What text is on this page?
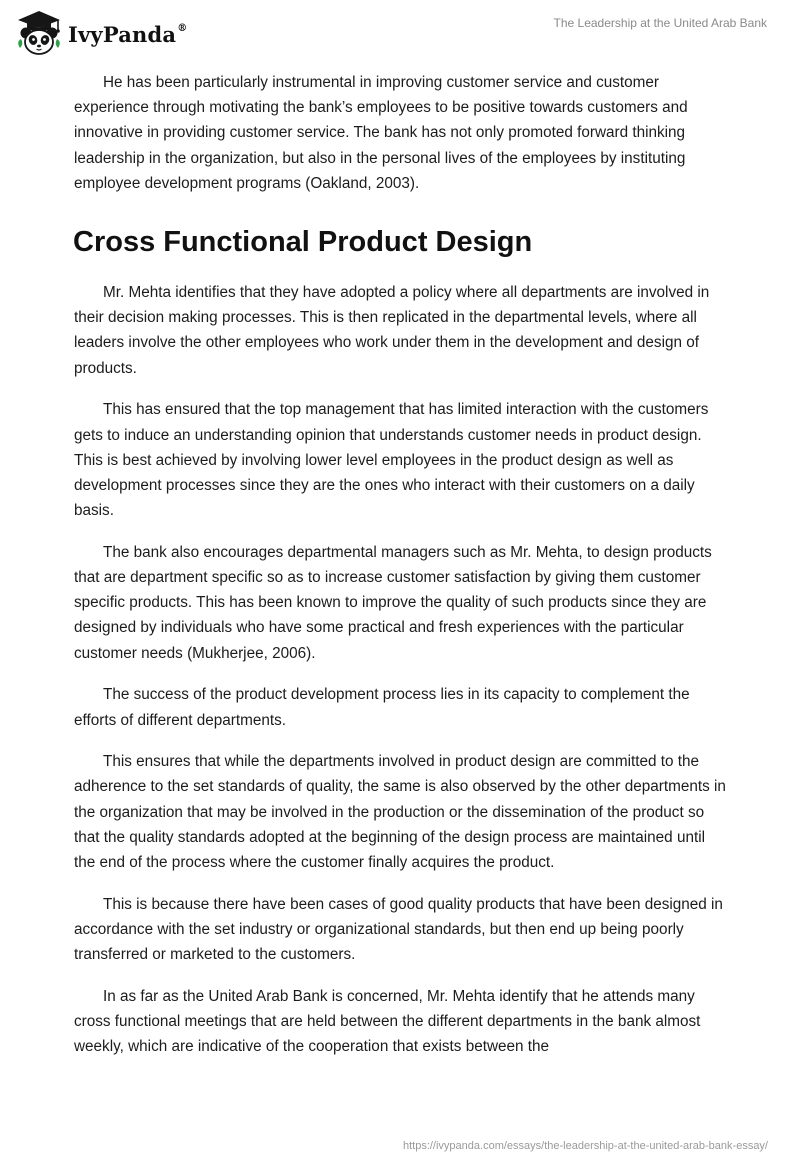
IvyPanda®	The Leadership at the United Arab Bank

He has been particularly instrumental in improving customer service and customer experience through motivating the bank’s employees to be positive towards customers and innovative in providing customer service. The bank has not only promoted forward thinking leadership in the organization, but also in the personal lives of the employees by instituting employee development programs (Oakland, 2003).

Cross Functional Product Design

Mr. Mehta identifies that they have adopted a policy where all departments are involved in their decision making processes. This is then replicated in the departmental levels, where all leaders involve the other employees who work under them in the development and design of products.

This has ensured that the top management that has limited interaction with the customers gets to induce an understanding opinion that understands customer needs in product design. This is best achieved by involving lower level employees in the product design as well as development processes since they are the ones who interact with their customers on a daily basis.

The bank also encourages departmental managers such as Mr. Mehta, to design products that are department specific so as to increase customer satisfaction by giving them customer specific products. This has been known to improve the quality of such products since they are designed by individuals who have some practical and fresh experiences with the particular customer needs (Mukherjee, 2006).

The success of the product development process lies in its capacity to complement the efforts of different departments.

This ensures that while the departments involved in product design are committed to the adherence to the set standards of quality, the same is also observed by the other departments in the organization that may be involved in the production or the dissemination of the product so that the quality standards adopted at the beginning of the design process are maintained until the end of the process where the customer finally acquires the product.

This is because there have been cases of good quality products that have been designed in accordance with the set industry or organizational standards, but then end up being poorly transferred or marketed to the customers.

In as far as the United Arab Bank is concerned, Mr. Mehta identify that he attends many cross functional meetings that are held between the different departments in the bank almost weekly, which are indicative of the cooperation that exists between the

https://ivypanda.com/essays/the-leadership-at-the-united-arab-bank-essay/
